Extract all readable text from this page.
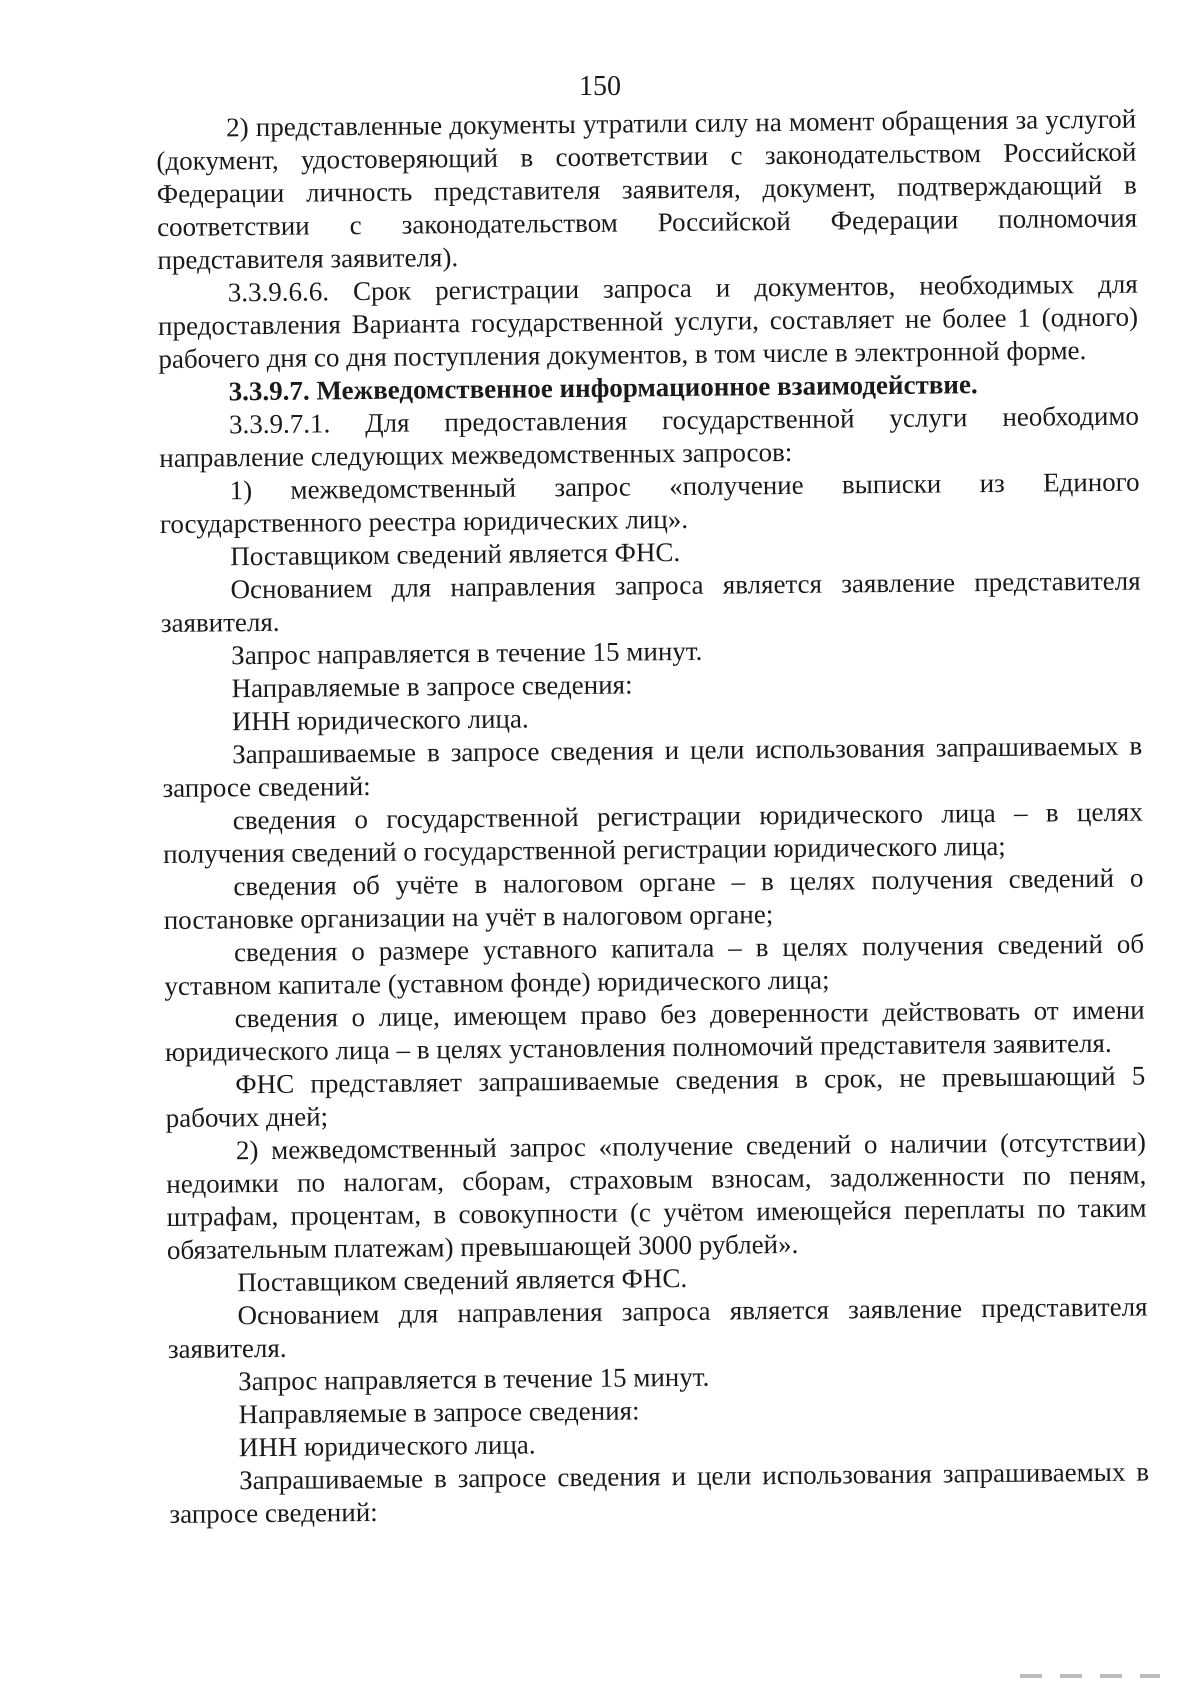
150

2) представленные документы утратили силу на момент обращения за услугой (документ, удостоверяющий в соответствии с законодательством Российской Федерации личность представителя заявителя, документ, подтверждающий в соответствии с законодательством Российской Федерации полномочия представителя заявителя).

3.3.9.6.6. Срок регистрации запроса и документов, необходимых для предоставления Варианта государственной услуги, составляет не более 1 (одного) рабочего дня со дня поступления документов, в том числе в электронной форме.

3.3.9.7. Межведомственное информационное взаимодействие.

3.3.9.7.1. Для предоставления государственной услуги необходимо направление следующих межведомственных запросов:

1) межведомственный запрос «получение выписки из Единого государственного реестра юридических лиц».

Поставщиком сведений является ФНС.

Основанием для направления запроса является заявление представителя заявителя.

Запрос направляется в течение 15 минут.

Направляемые в запросе сведения:

ИНН юридического лица.

Запрашиваемые в запросе сведения и цели использования запрашиваемых в запросе сведений:

сведения о государственной регистрации юридического лица – в целях получения сведений о государственной регистрации юридического лица;

сведения об учёте в налоговом органе – в целях получения сведений о постановке организации на учёт в налоговом органе;

сведения о размере уставного капитала – в целях получения сведений об уставном капитале (уставном фонде) юридического лица;

сведения о лице, имеющем право без доверенности действовать от имени юридического лица – в целях установления полномочий представителя заявителя.

ФНС представляет запрашиваемые сведения в срок, не превышающий 5 рабочих дней;

2) межведомственный запрос «получение сведений о наличии (отсутствии) недоимки по налогам, сборам, страховым взносам, задолженности по пеням, штрафам, процентам, в совокупности (с учётом имеющейся переплаты по таким обязательным платежам) превышающей 3000 рублей».

Поставщиком сведений является ФНС.

Основанием для направления запроса является заявление представителя заявителя.

Запрос направляется в течение 15 минут.

Направляемые в запросе сведения:

ИНН юридического лица.

Запрашиваемые в запросе сведения и цели использования запрашиваемых в запросе сведений:
